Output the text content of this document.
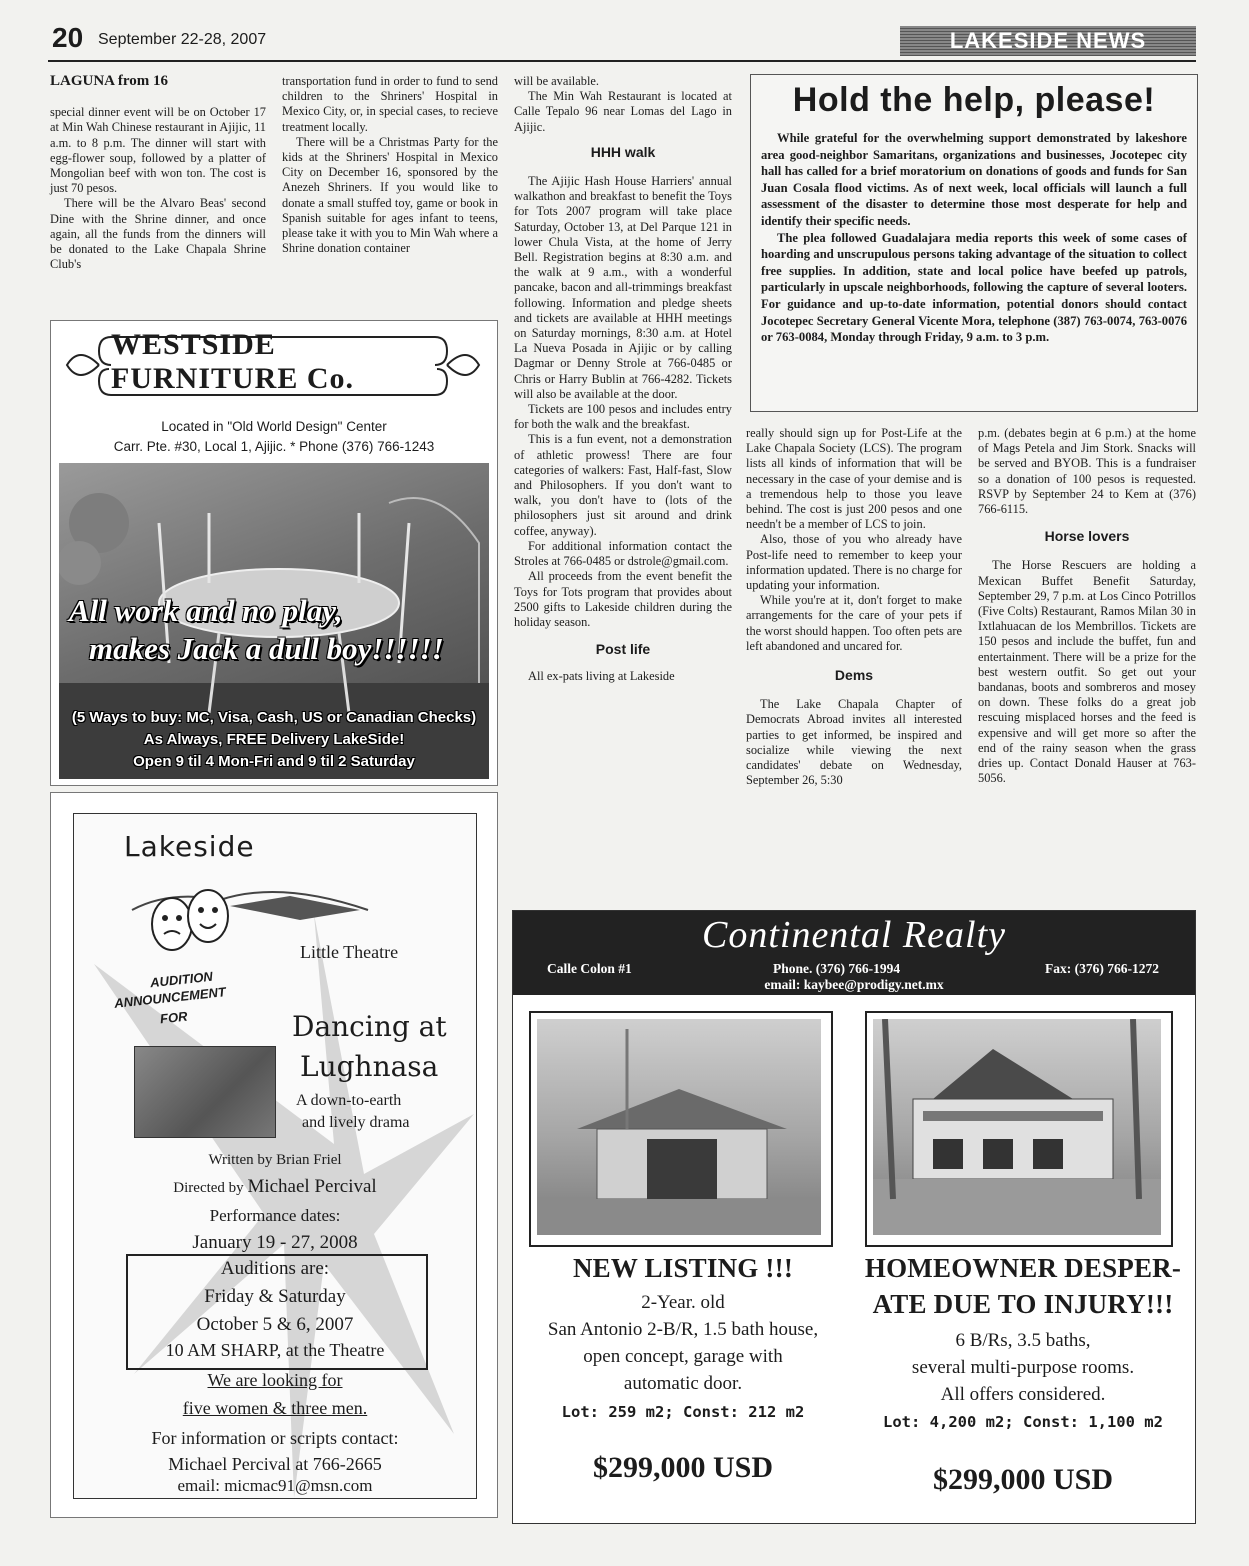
20 September 22-28, 2007	LAKESIDE NEWS
LAGUNA from 16

special dinner event will be on October 17 at Min Wah Chinese restaurant in Ajijic, 11 a.m. to 8 p.m. The dinner will start with egg-flower soup, followed by a platter of Mongolian beef with won ton. The cost is just 70 pesos.

There will be the Alvaro Beas' second Dine with the Shrine dinner, and once again, all the funds from the dinners will be donated to the Lake Chapala Shrine Club's

transportation fund in order to fund to send children to the Shriners' Hospital in Mexico City, or, in special cases, to recieve treatment locally.

There will be a Christmas Party for the kids at the Shriners' Hospital in Mexico City on December 16, sponsored by the Anezeh Shriners. If you would like to donate a small stuffed toy, game or book in Spanish suitable for ages infant to teens, please take it with you to Min Wah where a Shrine donation container

will be available.

The Min Wah Restaurant is located at Calle Tepalo 96 near Lomas del Lago in Ajijic.

HHH walk

The Ajijic Hash House Harriers' annual walkathon and breakfast to benefit the Toys for Tots 2007 program will take place Saturday, October 13, at Del Parque 121 in lower Chula Vista, at the home of Jerry Bell. Registration begins at 8:30 a.m. and the walk at 9 a.m., with a wonderful pancake, bacon and all-trimmings breakfast following. Information and pledge sheets and tickets are available at HHH meetings on Saturday mornings, 8:30 a.m. at Hotel La Nueva Posada in Ajijic or by calling Dagmar or Denny Strole at 766-0485 or Chris or Harry Bublin at 766-4282. Tickets will also be available at the door.

Tickets are 100 pesos and includes entry for both the walk and the breakfast.

This is a fun event, not a demonstration of athletic prowess! There are four categories of walkers: Fast, Half-fast, Slow and Philosophers. If you don't want to walk, you don't have to (lots of the philosophers just sit around and drink coffee, anyway).

For additional information contact the Stroles at 766-0485 or dstrole@gmail.com.

All proceeds from the event benefit the Toys for Tots program that provides about 2500 gifts to Lakeside children during the holiday season.

Post life

All ex-pats living at Lakeside

Hold the help, please!

While grateful for the overwhelming support demonstrated by lakeshore area good-neighbor Samaritans, organizations and businesses, Jocotepec city hall has called for a brief moratorium on donations of goods and funds for San Juan Cosala flood victims. As of next week, local officials will launch a full assessment of the disaster to determine those most desperate for help and identify their specific needs.

The plea followed Guadalajara media reports this week of some cases of hoarding and unscrupulous persons taking advantage of the situation to collect free supplies. In addition, state and local police have beefed up patrols, particularly in upscale neighborhoods, following the capture of several looters. For guidance and up-to-date information, potential donors should contact Jocotepec Secretary General Vicente Mora, telephone (387) 763-0074, 763-0076 or 763-0084, Monday through Friday, 9 a.m. to 3 p.m.

really should sign up for Post-Life at the Lake Chapala Society (LCS). The program lists all kinds of information that will be necessary in the case of your demise and is a tremendous help to those you leave behind. The cost is just 200 pesos and one needn't be a member of LCS to join.

Also, those of you who already have Post-life need to remember to keep your information updated. There is no charge for updating your information.

While you're at it, don't forget to make arrangements for the care of your pets if the worst should happen. Too often pets are left abandoned and uncared for.

Dems

The Lake Chapala Chapter of Democrats Abroad invites all interested parties to get informed, be inspired and socialize while viewing the next candidates' debate on Wednesday, September 26, 5:30

p.m. (debates begin at 6 p.m.) at the home of Mags Petela and Jim Stork. Snacks will be served and BYOB. This is a fundraiser so a donation of 100 pesos is requested. RSVP by September 24 to Kem at (376) 766-6115.

Horse lovers

The Horse Rescuers are holding a Mexican Buffet Benefit Saturday, September 29, 7 p.m. at Los Cinco Potrillos (Five Colts) Restaurant, Ramos Milan 30 in Ixtlahuacan de los Membrillos. Tickets are 150 pesos and include the buffet, fun and entertainment. There will be a prize for the best western outfit. So get out your bandanas, boots and sombreros and mosey on down. These folks do a great job rescuing misplaced horses and the feed is expensive and will get more so after the end of the rainy season when the grass dries up. Contact Donald Hauser at 763-5056.

WESTSIDE FURNITURE Co.
Located in "Old World Design" Center
Carr. Pte. #30, Local 1, Ajijic. * Phone (376) 766-1243
All work and no play,
makes Jack a dull boy!!!!!!
(5 Ways to buy: MC, Visa, Cash, US or Canadian Checks)
As Always, FREE Delivery LakeSide!
Open 9 til 4 Mon-Fri and 9 til 2 Saturday
Lakeside
Little Theatre
AUDITION
ANNOUNCEMENT
FOR	Dancing at
Lughnasa
A down-to-earth
and lively drama
Written by Brian Friel
Directed by Michael Percival
Performance dates:
January 19 - 27, 2008
Auditions are:
Friday & Saturday
October 5 & 6, 2007
10 AM SHARP, at the Theatre
We are looking for
five women & three men.
For information or scripts contact:
Michael Percival at 766-2665
email: micmac91@msn.com
Continental Realty
Calle Colon #1	Phone. (376) 766-1994	Fax: (376) 766-1272
email: kaybee@prodigy.net.mx
NEW LISTING !!!
2-Year. old
San Antonio 2-B/R, 1.5 bath house,
open concept, garage with
automatic door.
Lot: 259 m2; Const: 212 m2
$299,000 USD
HOMEOWNER DESPER-
ATE DUE TO INJURY!!!
6 B/Rs, 3.5 baths,
several multi-purpose rooms.
All offers considered.
Lot: 4,200 m2; Const: 1,100 m2
$299,000 USD
